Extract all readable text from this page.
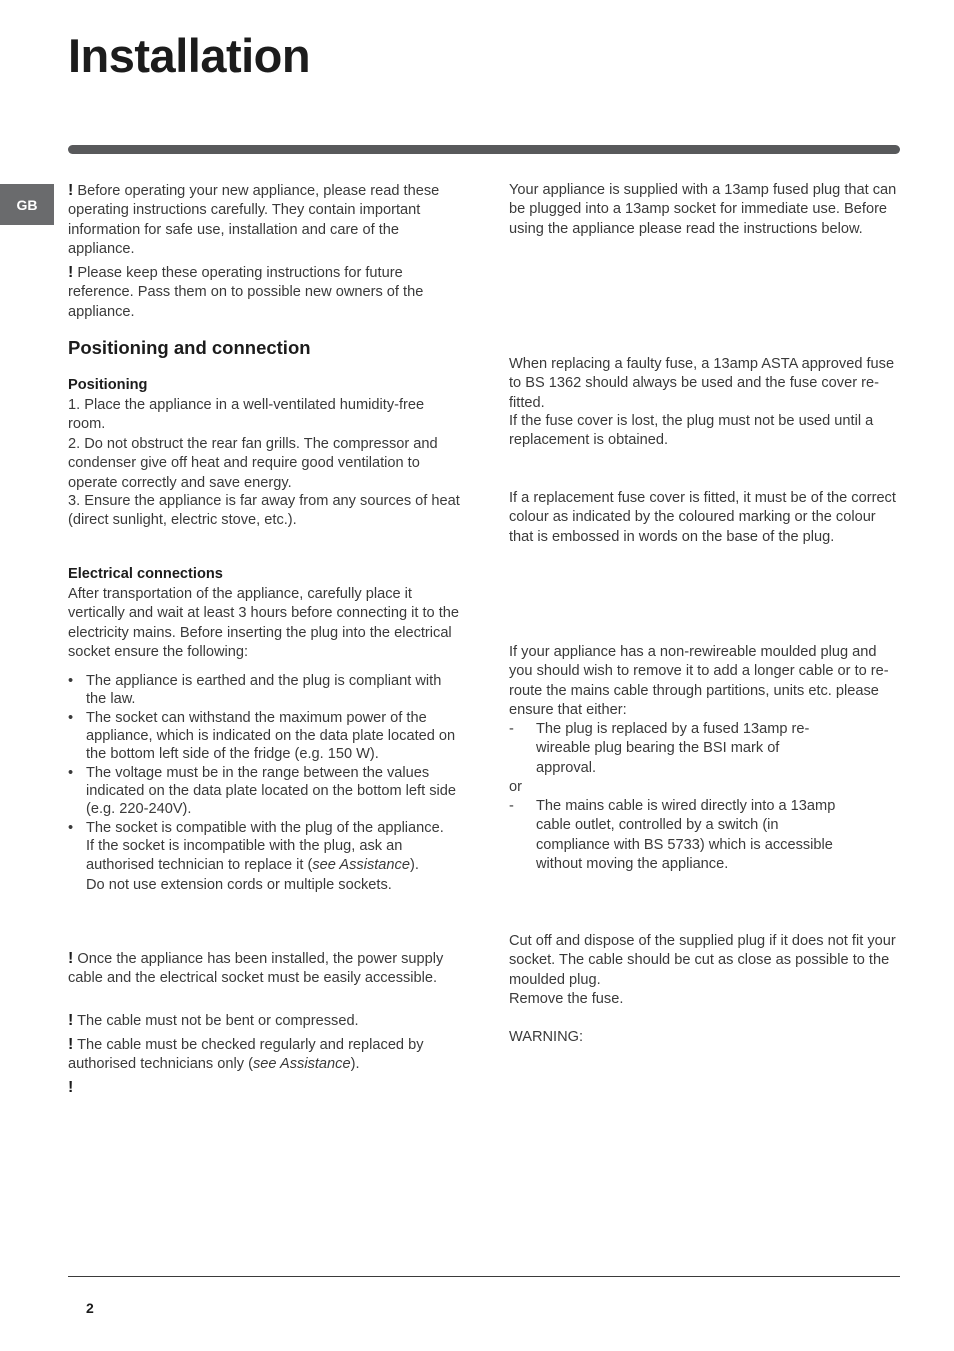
Installation
GB
! Before operating your new appliance, please read these operating instructions carefully. They contain important information for safe use, installation and care of the appliance.
! Please keep these operating instructions for future reference. Pass them on to possible new owners of the appliance.
Positioning and connection
Positioning
1. Place the appliance in a well-ventilated humidity-free room.
2. Do not obstruct the rear fan grills. The compressor and condenser give off heat and require good ventilation to operate correctly and save energy.
3. Ensure the appliance is far away from any sources of heat (direct sunlight, electric stove, etc.).
Electrical connections
After transportation of the appliance, carefully place it vertically and wait at least 3 hours before connecting it to the electricity mains. Before inserting the plug into the electrical socket ensure the following:
• The appliance is earthed and the plug is compliant with the law.
• The socket can withstand the maximum power of the appliance, which is indicated on the data plate located on the bottom left side of the fridge (e.g. 150 W).
• The voltage must be in the range between the values indicated on the data plate located on the bottom left side (e.g. 220-240V).
• The socket is compatible with the plug of the appliance.
If the socket is incompatible with the plug, ask an authorised technician to replace it (see Assistance).
Do not use extension cords or multiple sockets.
! Once the appliance has been installed, the power supply cable and the electrical socket must be easily accessible.
! The cable must not be bent or compressed.
! The cable must be checked regularly and replaced by authorised technicians only (see Assistance).
!
Your appliance is supplied with a 13amp fused plug that can be plugged into a 13amp socket for immediate use. Before using the appliance please read the instructions below.
When replacing a faulty fuse, a 13amp ASTA approved fuse to BS 1362 should always be used and the fuse cover re-fitted.
If the fuse cover is lost, the plug must not be used until a replacement is obtained.
If a replacement fuse cover is fitted, it must be of the correct colour as indicated by the coloured marking or the colour that is embossed in words on the base of the plug.
If your appliance has a non-rewireable moulded plug and you should wish to remove it to add a longer cable or to re-route the mains cable through partitions, units etc. please ensure that either:
-	The plug is replaced by a fused 13amp re-wireable plug bearing the BSI mark of approval.
or
-	The mains cable is wired directly into a 13amp cable outlet, controlled by a switch (in compliance with BS 5733) which is accessible without moving the appliance.
Cut off and dispose of the supplied plug if it does not fit your socket. The cable should be cut as close as possible to the moulded plug.
Remove the fuse.
WARNING:
2
